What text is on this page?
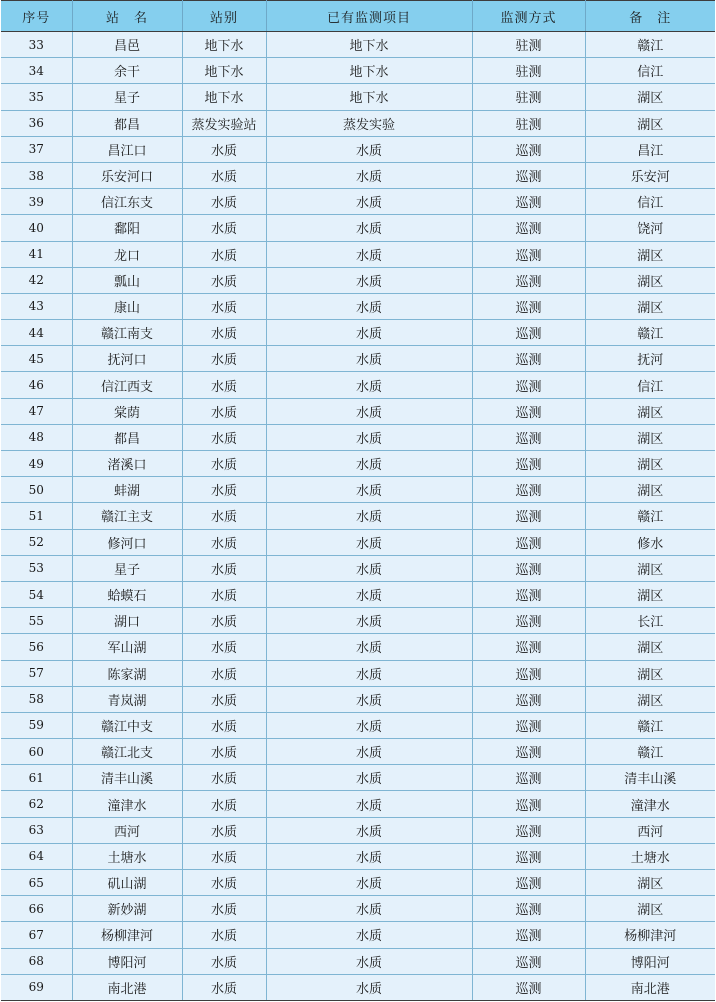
序号	站　名	站别	已有监测项目	监测方式	备　注
33	昌邑	地下水	地下水	驻测	赣江
34	余干	地下水	地下水	驻测	信江
35	星子	地下水	地下水	驻测	湖区
36	都昌	蒸发实验站	蒸发实验	驻测	湖区
37	昌江口	水质	水质	巡测	昌江
38	乐安河口	水质	水质	巡测	乐安河
39	信江东支	水质	水质	巡测	信江
40	鄱阳	水质	水质	巡测	饶河
41	龙口	水质	水质	巡测	湖区
42	瓢山	水质	水质	巡测	湖区
43	康山	水质	水质	巡测	湖区
44	赣江南支	水质	水质	巡测	赣江
45	抚河口	水质	水质	巡测	抚河
46	信江西支	水质	水质	巡测	信江
47	棠荫	水质	水质	巡测	湖区
48	都昌	水质	水质	巡测	湖区
49	渚溪口	水质	水质	巡测	湖区
50	蚌湖	水质	水质	巡测	湖区
51	赣江主支	水质	水质	巡测	赣江
52	修河口	水质	水质	巡测	修水
53	星子	水质	水质	巡测	湖区
54	蛤蟆石	水质	水质	巡测	湖区
55	湖口	水质	水质	巡测	长江
56	军山湖	水质	水质	巡测	湖区
57	陈家湖	水质	水质	巡测	湖区
58	青岚湖	水质	水质	巡测	湖区
59	赣江中支	水质	水质	巡测	赣江
60	赣江北支	水质	水质	巡测	赣江
61	清丰山溪	水质	水质	巡测	清丰山溪
62	潼津水	水质	水质	巡测	潼津水
63	西河	水质	水质	巡测	西河
64	土塘水	水质	水质	巡测	土塘水
65	矶山湖	水质	水质	巡测	湖区
66	新妙湖	水质	水质	巡测	湖区
67	杨柳津河	水质	水质	巡测	杨柳津河
68	博阳河	水质	水质	巡测	博阳河
69	南北港	水质	水质	巡测	南北港
